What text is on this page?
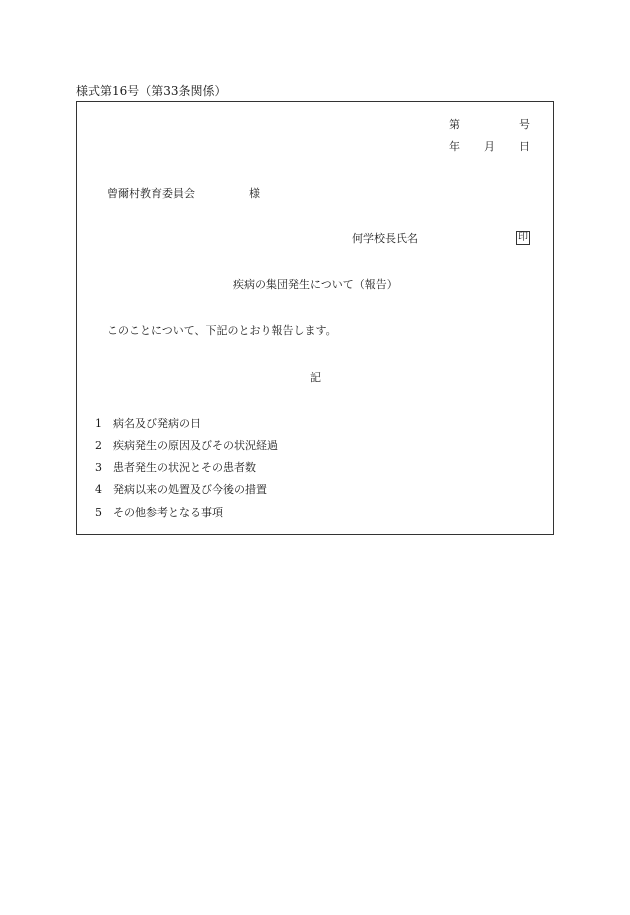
様式第16号（第33条関係）
第	号
年 月 日
曾爾村教育委員会	様
何学校長氏名	印
疾病の集団発生について（報告）
このことについて、下記のとおり報告します。
記
1 病名及び発病の日
2 疾病発生の原因及びその状況経過
3 患者発生の状況とその患者数
4 発病以来の処置及び今後の措置
5 その他参考となる事項
